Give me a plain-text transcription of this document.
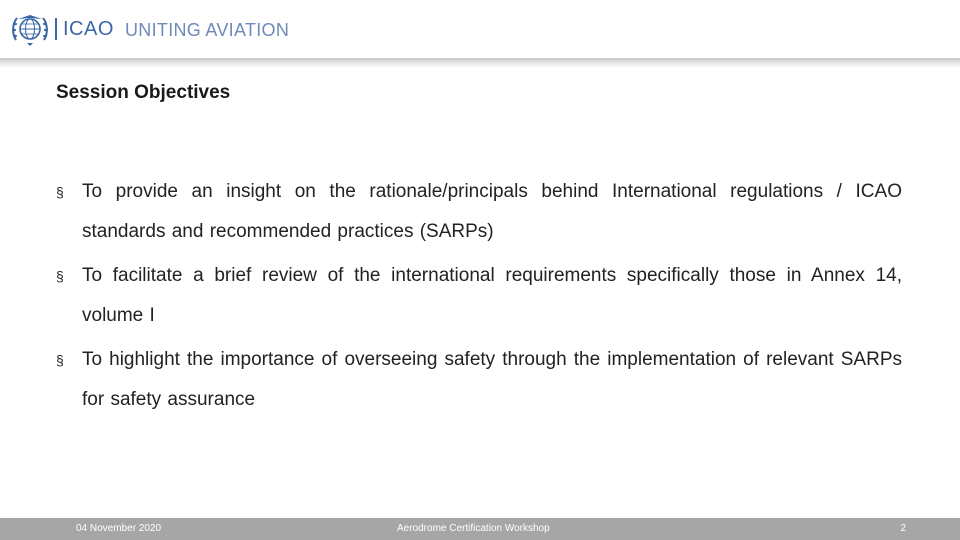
ICAO UNITING AVIATION
Session Objectives
§ To provide an insight on the rationale/principals behind International regulations / ICAO standards and recommended practices (SARPs)
§ To facilitate a brief review of the international requirements specifically those in Annex 14, volume I
§ To highlight the importance of overseeing safety through the implementation of relevant SARPs for safety assurance
04 November 2020	Aerodrome Certification Workshop	2
